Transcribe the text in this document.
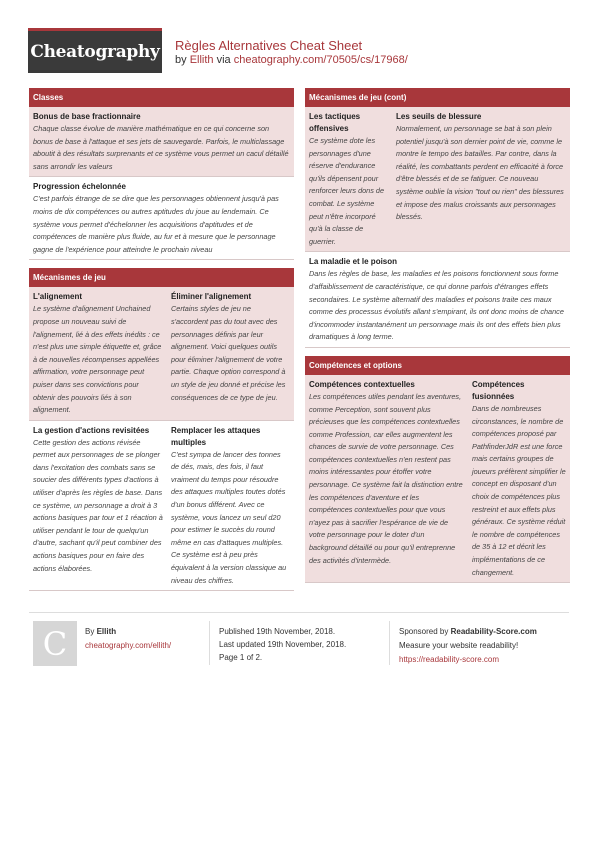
Cheatography Règles Alternatives Cheat Sheet
by Ellith via cheatography.com/70505/cs/17968/
Classes
Bonus de base fractionnaire
Chaque classe évolue de manière mathématique en ce qui concerne son bonus de base à l'attaque et ses jets de sauvegarde. Parfois, le multiclassage aboutit à des résultats surprenants et ce système vous permet un cacul détaillé sans arrondir les valeurs
Progression échelonnée
C'est parfois étrange de se dire que les personnages obtiennent jusqu'à pas moins de dix compétences ou autres aptitudes du joue au lendemain. Ce système vous permet d'échelonner les acquisitions d'aptitudes et de compétences de manière plus fluide, au fur et à mesure que le personnage gagne de l'expérience pour atteindre le prochain niveau
Mécanismes de jeu
L'alignement
Le système d'alignement Unchained propose un nouveau suivi de l'alignement, lié à des effets inédits : ce n'est plus une simple étiquette et, grâce à de nouvelles récompenses appellées affirmation, votre personnage peut puiser dans ses convictions pour obtenir des pouvoirs liés à son alignement.
Éliminer l'alignement
Certains styles de jeu ne s'accordent pas du tout avec des personnages définis par leur alignement. Voici quelques outils pour éliminer l'alignement de votre partie. Chaque option correspond à un style de jeu donné et précise les conséquences de ce type de jeu.
La gestion d'actions revisitées
Cette gestion des actions révisée permet aux personnages de se plonger dans l'excitation des combats sans se soucier des différents types d'actions à utiliser d'après les règles de base. Dans ce système, un personnage a droit à 3 actions basiques par tour et 1 réaction à utiliser pendant le tour de quelqu'un d'autre, sachant qu'il peut combiner des actions basiques pour en faire des actions élaborées.
Remplacer les attaques multiples
C'est sympa de lancer des tonnes de dés, mais, des fois, il faut vraiment du temps pour résoudre des attaques multiples toutes dotés d'un bonus différent. Avec ce système, vous lancez un seul d20 pour estimer le succès du round même en cas d'attaques multiples. Ce système est à peu près équivalent à la version classique au niveau des chiffres.
Mécanismes de jeu (cont)
Les tactiques offensives
Ce système dote les personnages d'une réserve d'endurance qu'ils dépensent pour renforcer leurs dons de combat. Le système peut n'être incorporé qu'à la classe de guerrier.
Les seuils de blessure
Normalement, un personnage se bat à son plein potentiel jusqu'à son dernier point de vie, comme le montre le tempo des batailles. Par contre, dans la réalité, les combattants perdent en efficacité à force d'être blessés et de se fatiguer. Ce nouveau système oublie la vision "tout ou rien" des blessures et impose des malus croissants aux personnages blessés.
La maladie et le poison
Dans les règles de base, les maladies et les poisons fonctionnent sous forme d'affaiblissement de caractéristique, ce qui donne parfois d'étranges effets secondaires. Le système alternatif des maladies et poisons traite ces maux comme des processus évolutifs allant s'empirant, ils ont donc moins de chance d'incommoder instantanément un personnage mais ils ont des effets bien plus dramatiques à long terme.
Compétences et options
Compétences contextuelles
Les compétences utiles pendant les aventures, comme Perception, sont souvent plus précieuses que les compétences contextuelles comme Profession, car elles augmentent les chances de survie de votre personnage. Ces compétences contextuelles n'en restent pas moins intéressantes pour étoffer votre personnage. Ce système fait la distinction entre les compétences d'aventure et les compétences contextuelles pour que vous n'ayez pas à sacrifier l'espérance de vie de votre personnage pour le doter d'un background détaillé ou pour qu'il entreprenne des activités d'intermède.
Compétences fusionnées
Dans de nombreuses circonstances, le nombre de compétences proposé par PathfinderJdR est une force mais certains groupes de joueurs préfèrent simplifier le concept en disposant d'un choix de compétences plus restreint et aux effets plus généraux. Ce système réduit le nombre de compétences de 35 à 12 et décrit les implémentations de ce changement.
C By Ellith
cheatography.com/ellith/
Published 19th November, 2018.
Last updated 19th November, 2018.
Page 1 of 2.
Sponsored by Readability-Score.com
Measure your website readability!
https://readability-score.com
